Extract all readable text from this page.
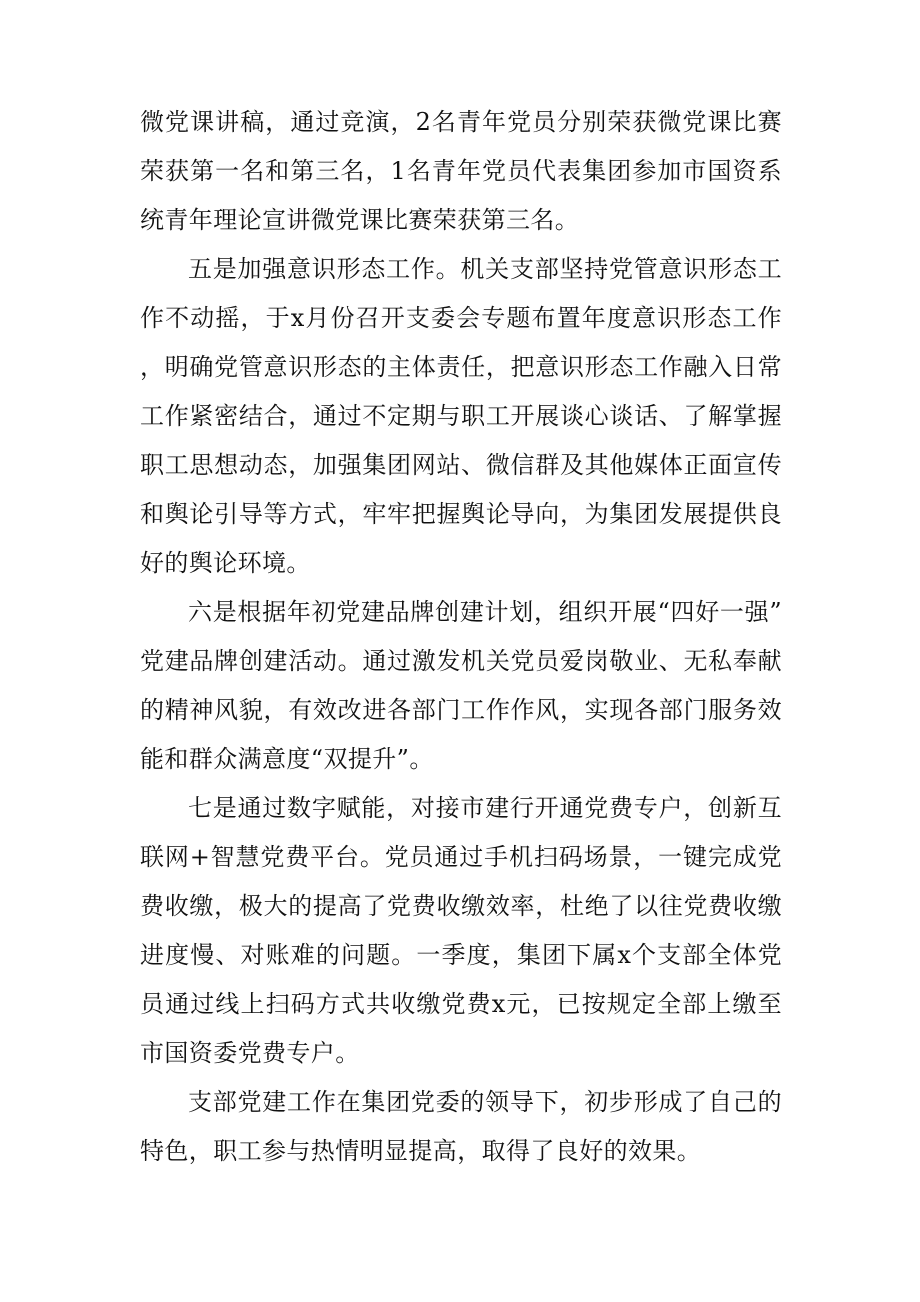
微党课讲稿，通过竞演，2名青年党员分别荣获微党课比赛荣获第一名和第三名，1名青年党员代表集团参加市国资系统青年理论宣讲微党课比赛荣获第三名。

五是加强意识形态工作。机关支部坚持党管意识形态工作不动摇，于x月份召开支委会专题布置年度意识形态工作，明确党管意识形态的主体责任，把意识形态工作融入日常工作紧密结合，通过不定期与职工开展谈心谈话、了解掌握职工思想动态，加强集团网站、微信群及其他媒体正面宣传和舆论引导等方式，牢牢把握舆论导向，为集团发展提供良好的舆论环境。

六是根据年初党建品牌创建计划，组织开展“四好一强”党建品牌创建活动。通过激发机关党员爱岗敬业、无私奉献的精神风貌，有效改进各部门工作作风，实现各部门服务效能和群众满意度“双提升”。

七是通过数字赋能，对接市建行开通党费专户，创新互联网+智慧党费平台。党员通过手机扫码场景，一键完成党费收缴，极大的提高了党费收缴效率，杜绝了以往党费收缴进度慢、对账难的问题。一季度，集团下属x个支部全体党员通过线上扫码方式共收缴党费x元，已按规定全部上缴至市国资委党费专户。

支部党建工作在集团党委的领导下，初步形成了自己的特色，职工参与热情明显提高，取得了良好的效果。
